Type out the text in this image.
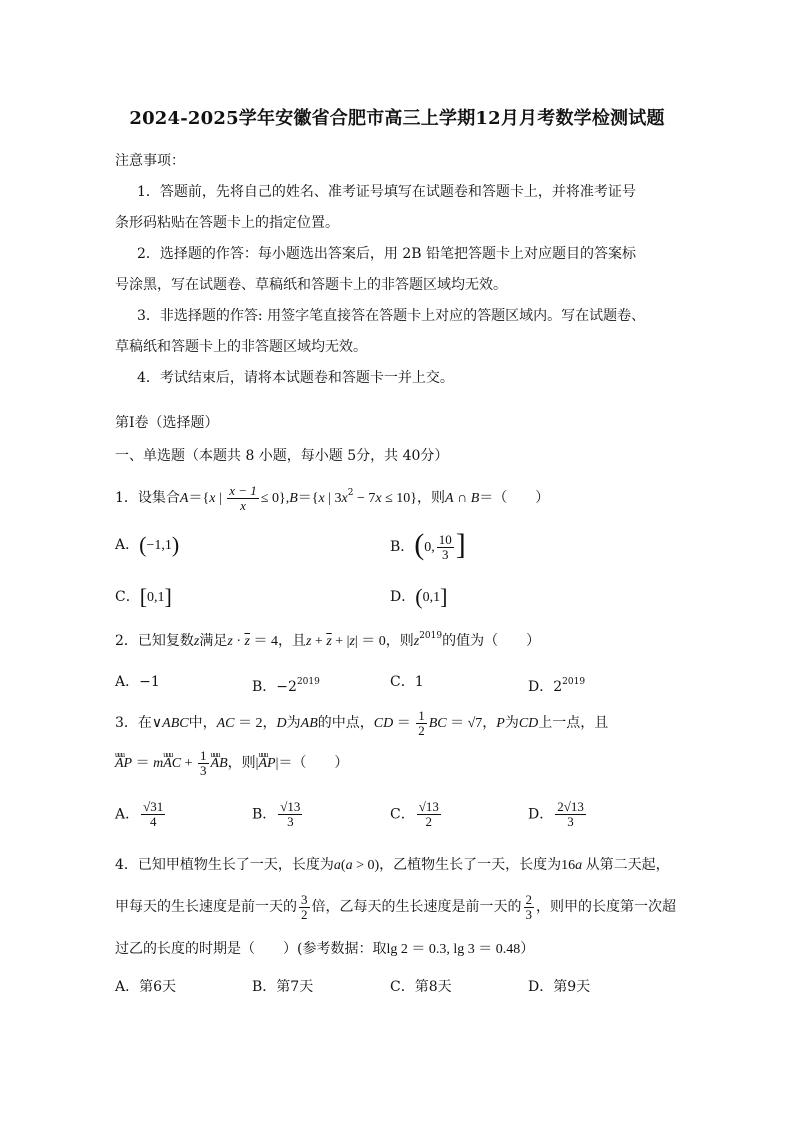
2024-2025学年安徽省合肥市高三上学期12月月考数学检测试题
注意事项：
1．答题前，先将自己的姓名、准考证号填写在试题卷和答题卡上，并将准考证号
条形码粘贴在答题卡上的指定位置。
2．选择题的作答：每小题选出答案后，用 2B 铅笔把答题卡上对应题目的答案标
号涂黑，写在试题卷、草稿纸和答题卡上的非答题区域均无效。
3．非选择题的作答: 用签字笔直接答在答题卡上对应的答题区域内。写在试题卷、
草稿纸和答题卡上的非答题区域均无效。
4．考试结束后，请将本试题卷和答题卡一并上交。
第Ⅰ卷（选择题）
一、单选题（本题共 8 小题，每小题 5分，共 40分）
1．设集合A＝{x | $\frac{x - 1}{x} \le 0\},B=\{x$ | $3x^2 - 7x \le 10$}，则A ∩ B＝（　　）
A．(−1,1)	B．(0, $\frac{10}{3}$ ]
C．[0,1]	D．(0,1]
2．已知复数z满足$z \cdot \overline{z} = 4$，且$z + \overline{z} + |z| = 0$，则$z^{2019}$的值为（　　）
A．−1	B．$-2^{2019}$	C．1	D．$2^{2019}$
3．在∨ABC中，AC ＝ 2，D为AB的中点，CD ＝ $\frac{1}{2}$ BC ＝ √7，P为CD上一点，且
uuu AP ＝ muuu AC + $\frac{1}{3}$ uuu AB，则|uuu AP|＝（　　）
A． $\frac{√31}{4}$	B． $\frac{√13}{3}$	C． $\frac{√13}{2}$	D． $\frac{2√13}{3}$
4．已知甲植物生长了一天，长度为a(a > 0)，乙植物生长了一天，长度为16a 从第二天起，
甲每天的生长速度是前一天的 $\frac{3}{2}$ 倍，乙每天的生长速度是前一天的 $\frac{2}{3}$ ，则甲的长度第一次超
过乙的长度的时期是（　　）(参考数据：取lg 2 ＝ 0.3, lg 3 ＝ 0.48）
A．第6天	B．第7天	C．第8天	D．第9天
